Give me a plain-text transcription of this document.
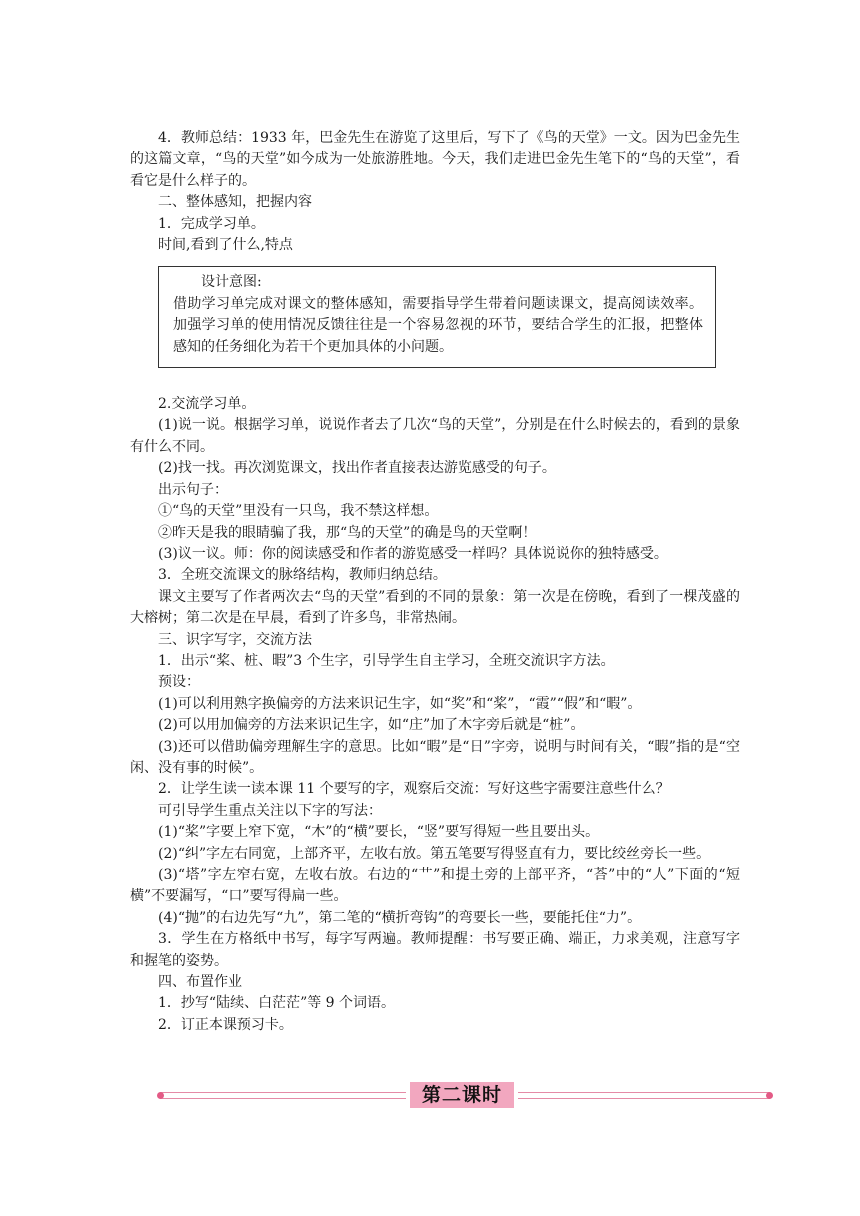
4．教师总结：1933 年，巴金先生在游览了这里后，写下了《鸟的天堂》一文。因为巴金先生的这篇文章，“鸟的天堂”如今成为一处旅游胜地。今天，我们走进巴金先生笔下的“鸟的天堂”，看看它是什么样子的。

二、整体感知，把握内容

1．完成学习单。

时间,看到了什么,特点

设计意图:

借助学习单完成对课文的整体感知，需要指导学生带着问题读课文，提高阅读效率。加强学习单的使用情况反馈往往是一个容易忽视的环节，要结合学生的汇报，把整体感知的任务细化为若干个更加具体的小问题。

2.交流学习单。

(1)说一说。根据学习单，说说作者去了几次“鸟的天堂”，分别是在什么时候去的，看到的景象有什么不同。

(2)找一找。再次浏览课文，找出作者直接表达游览感受的句子。

出示句子：

①“鸟的天堂”里没有一只鸟，我不禁这样想。

②昨天是我的眼睛骗了我，那“鸟的天堂”的确是鸟的天堂啊！

(3)议一议。师：你的阅读感受和作者的游览感受一样吗？具体说说你的独特感受。

3．全班交流课文的脉络结构，教师归纳总结。

课文主要写了作者两次去“鸟的天堂”看到的不同的景象：第一次是在傍晚，看到了一棵茂盛的大榕树；第二次是在早晨，看到了许多鸟，非常热闹。

三、识字写字，交流方法

1．出示“桨、桩、暇”3 个生字，引导学生自主学习，全班交流识字方法。

预设：

(1)可以利用熟字换偏旁的方法来识记生字，如“奖”和“桨”，“霞”“假”和“暇”。

(2)可以用加偏旁的方法来识记生字，如“庄”加了木字旁后就是“桩”。

(3)还可以借助偏旁理解生字的意思。比如“暇”是“日”字旁，说明与时间有关，“暇”指的是“空闲、没有事的时候”。

2．让学生读一读本课 11 个要写的字，观察后交流：写好这些字需要注意些什么？

可引导学生重点关注以下字的写法：

(1)“桨”字要上窄下宽，“木”的“横”要长，“竖”要写得短一些且要出头。

(2)“纠”字左右同宽，上部齐平，左收右放。第五笔要写得竖直有力，要比绞丝旁长一些。

(3)“塔”字左窄右宽，左收右放。右边的“艹”和提土旁的上部平齐，“荅”中的“人”下面的“短横”不要漏写，“口”要写得扁一些。

(4)“抛”的右边先写“九”，第二笔的“横折弯钩”的弯要长一些，要能托住“力”。

3．学生在方格纸中书写，每字写两遍。教师提醒：书写要正确、端正，力求美观，注意写字和握笔的姿势。

四、布置作业

1．抄写“陆续、白茫茫”等 9 个词语。

2．订正本课预习卡。

第二课时
